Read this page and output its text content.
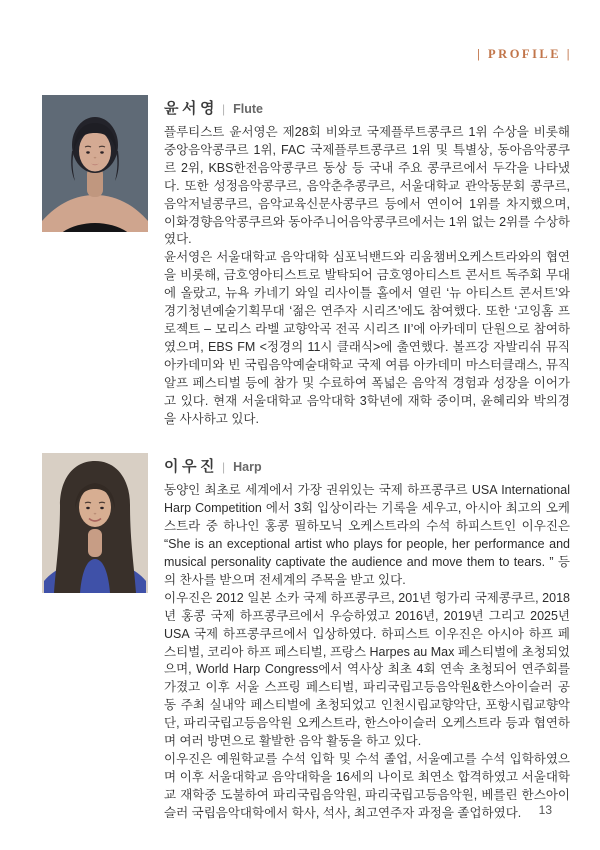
| PROFILE |
윤서영 | Flute

플루티스트 윤서영은 제28회 비와코 국제플루트콩쿠르 1위 수상을 비롯해 중앙음악콩쿠르 1위, FAC 국제플루트콩쿠르 1위 및 특별상, 동아음악콩쿠르 2위, KBS한전음악콩쿠르 동상 등 국내 주요 콩쿠르에서 두각을 나타냈다. 또한 성정음악콩쿠르, 음악춘추콩쿠르, 서울대학교 관악동문회 콩쿠르, 음악저널콩쿠르, 음악교육신문사콩쿠르 등에서 연이어 1위를 차지했으며, 이화경향음악콩쿠르와 동아주니어음악콩쿠르에서는 1위 없는 2위를 수상하였다.

윤서영은 서울대학교 음악대학 심포닉밴드와 리움챔버오케스트라와의 협연을 비롯해, 금호영아티스트로 발탁되어 금호영아티스트 콘서트 독주회 무대에 올랐고, 뉴욕 카네기 와일 리사이틀 홀에서 열린 ‘뉴 아티스트 콘서트’와 경기청년예술기획무대 ‘젊은 연주자 시리즈’에도 참여했다. 또한 ‘고잉홈 프로젝트 – 모리스 라벨 교향악곡 전곡 시리즈 II’에 아카데미 단원으로 참여하였으며, EBS FM <정경의 11시 클래식>에 출연했다. 볼프강 자발리쉬 뮤직아카데미와 빈 국립음악예술대학교 국제 여름 아카데미 마스터클래스, 뮤직알프 페스티벌 등에 참가 및 수료하여 폭넓은 음악적 경험과 성장을 이어가고 있다. 현재 서울대학교 음악대학 3학년에 재학 중이며, 윤혜리와 박의경을 사사하고 있다.

이우진 | Harp

동양인 최초로 세계에서 가장 권위있는 국제 하프콩쿠르 USA International Harp Competition 에서 3회 입상이라는 기록을 세우고, 아시아 최고의 오케스트라 중 하나인 홍콩 필하모닉 오케스트라의 수석 하피스트인 이우진은 “She is an exceptional artist who plays for people, her performance and musical personality captivate the audience and move them to tears. ” 등의 찬사를 받으며 전세계의 주목을 받고 있다.

이우진은 2012 일본 소카 국제 하프콩쿠르, 201년 헝가리 국제콩쿠르, 2018년 홍콩 국제 하프콩쿠르에서 우승하였고 2016년, 2019년 그리고 2025년 USA 국제 하프콩쿠르에서 입상하였다. 하피스트 이우진은 아시아 하프 페스티벌, 코리아 하프 페스티벌, 프랑스 Harpes au Max 페스티벌에 초청되었으며, World Harp Congress에서 역사상 최초 4회 연속 초청되어 연주회를 가졌고 이후 서울 스프링 페스티벌, 파리국립고등음악원&한스아이슬러 공동 주최 실내악 페스티벌에 초청되었고 인천시립교향악단, 포항시립교향악단, 파리국립고등음악원 오케스트라, 한스아이슬러 오케스트라 등과 협연하며 여러 방면으로 활발한 음악 활동을 하고 있다.

이우진은 예원학교를 수석 입학 및 수석 졸업, 서울예고를 수석 입학하였으며 이후 서울대학교 음악대학을 16세의 나이로 최연소 합격하였고 서울대학교 재학중 도불하여 파리국립음악원, 파리국립고등음악원, 베를린 한스아이슬러 국립음악대학에서 학사, 석사, 최고연주자 과정을 졸업하였다.	13
